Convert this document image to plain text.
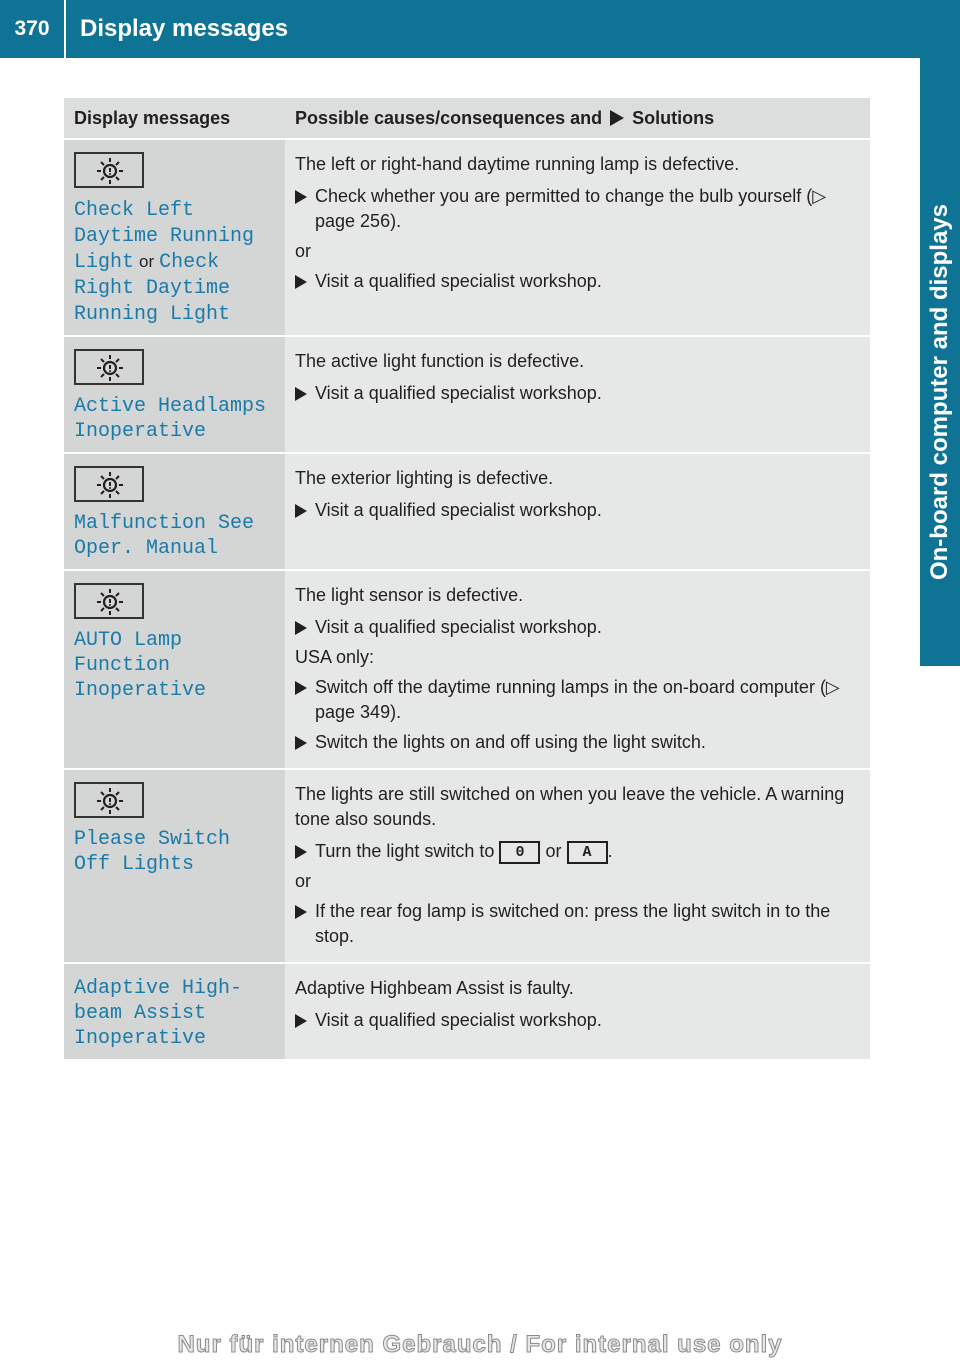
370	Display messages
On-board computer and displays
Display messages	Possible causes/consequences and Solutions

Check Left Daytime Running Light or Check Right Daytime Running Light	The left or right-hand daytime running lamp is defective.

Check whether you are permitted to change the bulb yourself (▷ page 256).

or

Visit a qualified specialist workshop.

Active Headlamps Inoperative	The active light function is defective.

Visit a qualified specialist workshop.

Malfunction See Oper. Manual	The exterior lighting is defective.

Visit a qualified specialist workshop.

AUTO Lamp Function Inoperative	The light sensor is defective.

Visit a qualified specialist workshop.

USA only:

Switch off the daytime running lamps in the on-board computer (▷ page 349).

Switch the lights on and off using the light switch.

Please Switch Off Lights	The lights are still switched on when you leave the vehicle. A warning tone also sounds.

Turn the light switch to 0 or A .

or

If the rear fog lamp is switched on: press the light switch in to the stop.

Adaptive High-beam Assist Inoperative	Adaptive Highbeam Assist is faulty.

Visit a qualified specialist workshop.

Nur für internen Gebrauch / For internal use only
